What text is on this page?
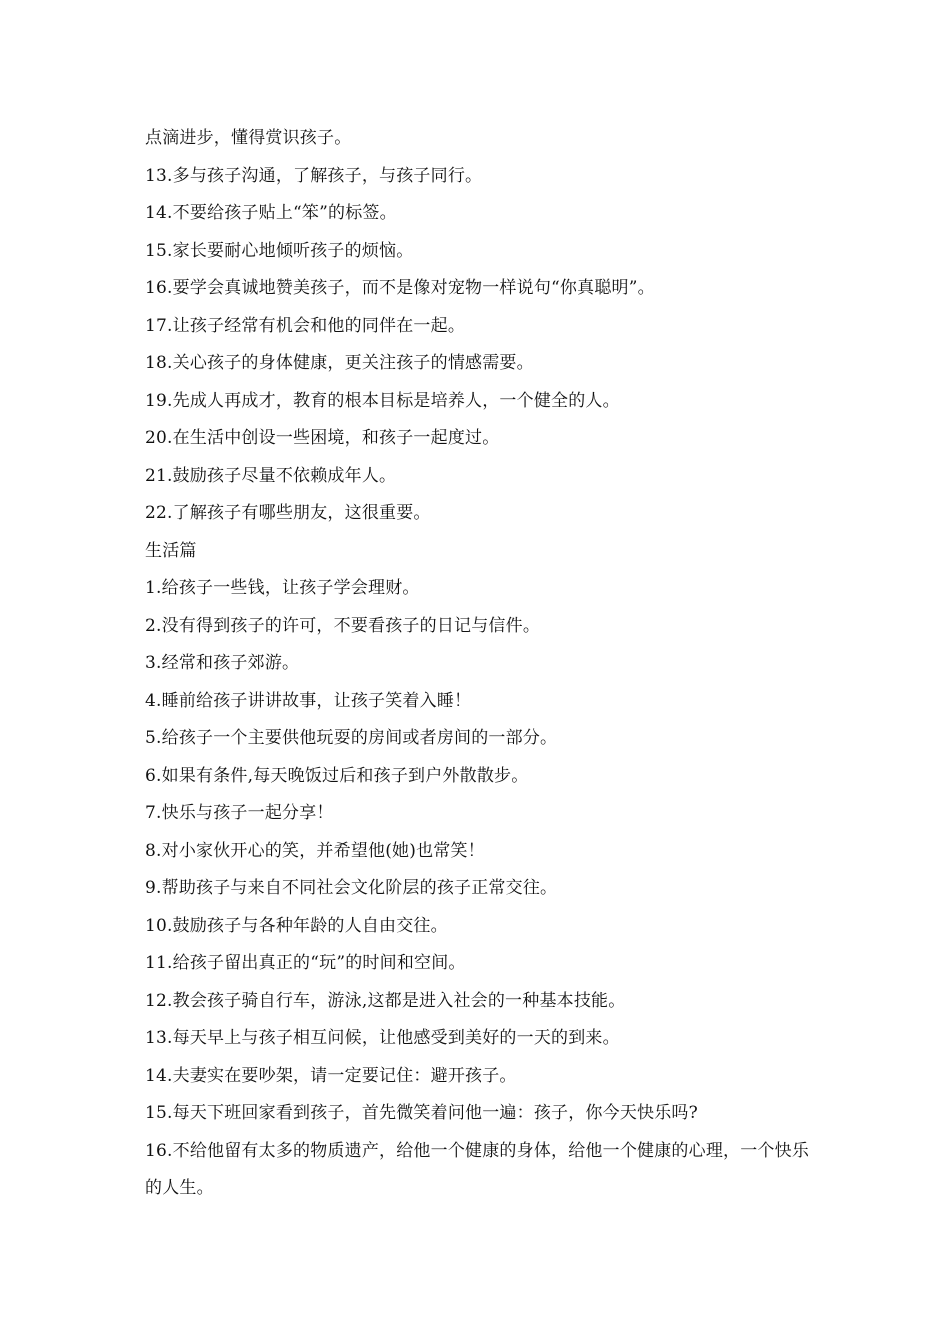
点滴进步，懂得赏识孩子。
13.多与孩子沟通，了解孩子，与孩子同行。
14.不要给孩子贴上“笨”的标签。
15.家长要耐心地倾听孩子的烦恼。
16.要学会真诚地赞美孩子，而不是像对宠物一样说句“你真聪明”。
17.让孩子经常有机会和他的同伴在一起。
18.关心孩子的身体健康，更关注孩子的情感需要。
19.先成人再成才，教育的根本目标是培养人，一个健全的人。
20.在生活中创设一些困境，和孩子一起度过。
21.鼓励孩子尽量不依赖成年人。
22.了解孩子有哪些朋友，这很重要。
生活篇
1.给孩子一些钱，让孩子学会理财。
2.没有得到孩子的许可，不要看孩子的日记与信件。
3.经常和孩子郊游。
4.睡前给孩子讲讲故事，让孩子笑着入睡！
5.给孩子一个主要供他玩耍的房间或者房间的一部分。
6.如果有条件,每天晚饭过后和孩子到户外散散步。
7.快乐与孩子一起分享！
8.对小家伙开心的笑，并希望他(她)也常笑！
9.帮助孩子与来自不同社会文化阶层的孩子正常交往。
10.鼓励孩子与各种年龄的人自由交往。
11.给孩子留出真正的“玩”的时间和空间。
12.教会孩子骑自行车，游泳,这都是进入社会的一种基本技能。
13.每天早上与孩子相互问候，让他感受到美好的一天的到来。
14.夫妻实在要吵架，请一定要记住：避开孩子。
15.每天下班回家看到孩子，首先微笑着问他一遍：孩子，你今天快乐吗?
16.不给他留有太多的物质遗产，给他一个健康的身体，给他一个健康的心理，一个快乐的人生。
